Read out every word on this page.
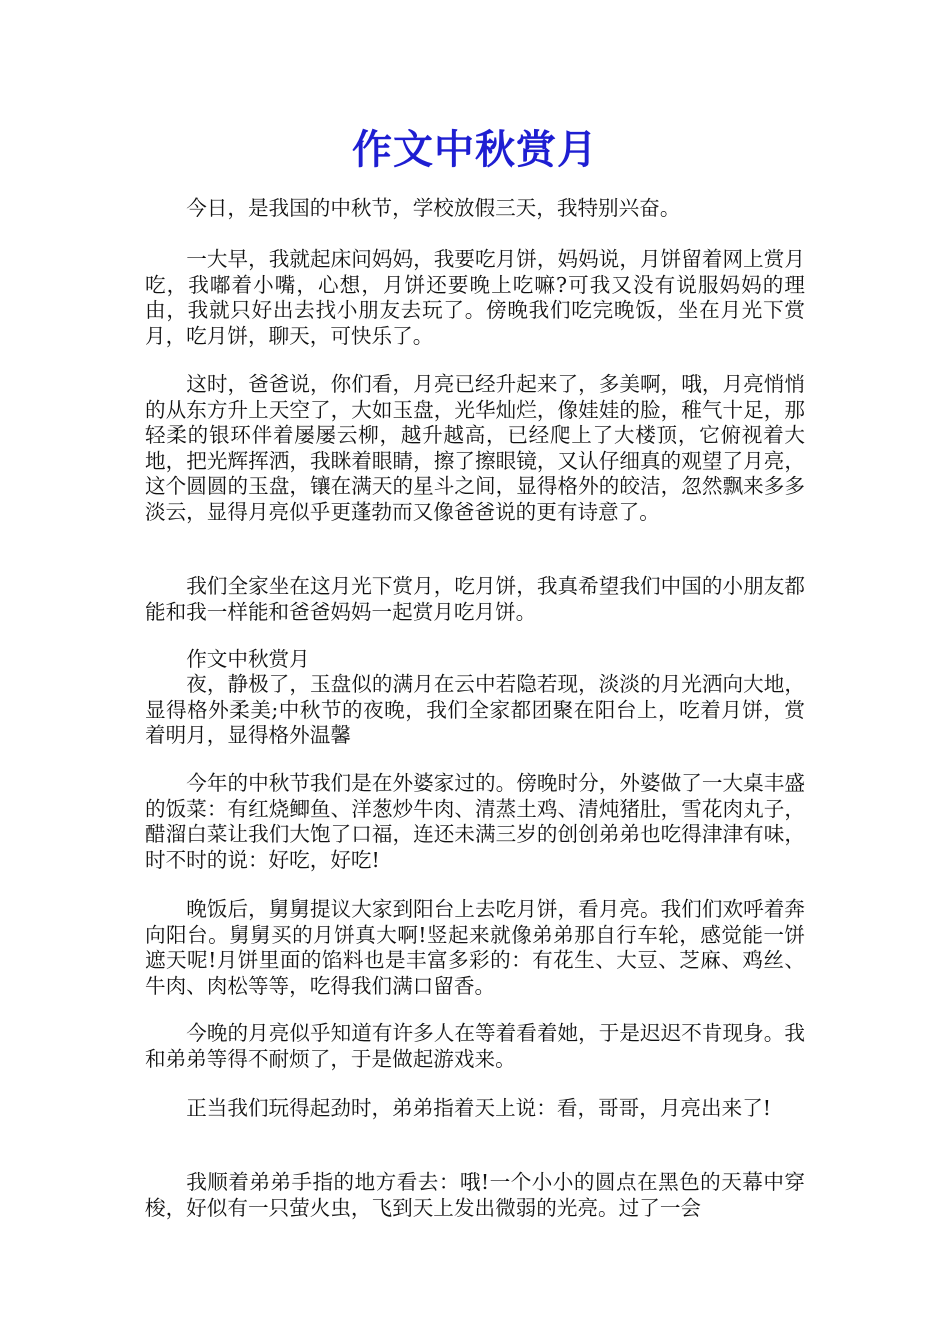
作文中秋赏月

今日，是我国的中秋节，学校放假三天，我特别兴奋。

一大早，我就起床问妈妈，我要吃月饼，妈妈说，月饼留着网上赏月吃，我嘟着小嘴，心想，月饼还要晚上吃嘛?可我又没有说服妈妈的理由，我就只好出去找小朋友去玩了。傍晚我们吃完晚饭，坐在月光下赏月，吃月饼，聊天，可快乐了。

这时，爸爸说，你们看，月亮已经升起来了，多美啊，哦，月亮悄悄的从东方升上天空了，大如玉盘，光华灿烂，像娃娃的脸，稚气十足，那轻柔的银环伴着屡屡云柳，越升越高，已经爬上了大楼顶，它俯视着大地，把光辉挥洒，我眯着眼睛，擦了擦眼镜，又认仔细真的观望了月亮，这个圆圆的玉盘，镶在满天的星斗之间，显得格外的皎洁，忽然飘来多多淡云，显得月亮似乎更蓬勃而又像爸爸说的更有诗意了。

我们全家坐在这月光下赏月，吃月饼，我真希望我们中国的小朋友都能和我一样能和爸爸妈妈一起赏月吃月饼。

作文中秋赏月

夜，静极了，玉盘似的满月在云中若隐若现，淡淡的月光洒向大地，显得格外柔美;中秋节的夜晚，我们全家都团聚在阳台上，吃着月饼，赏着明月，显得格外温馨

今年的中秋节我们是在外婆家过的。傍晚时分，外婆做了一大桌丰盛的饭菜：有红烧鲫鱼、洋葱炒牛肉、清蒸土鸡、清炖猪肚，雪花肉丸子，醋溜白菜让我们大饱了口福，连还未满三岁的创创弟弟也吃得津津有味，时不时的说：好吃，好吃!

晚饭后，舅舅提议大家到阳台上去吃月饼，看月亮。我们们欢呼着奔向阳台。舅舅买的月饼真大啊!竖起来就像弟弟那自行车轮，感觉能一饼遮天呢!月饼里面的馅料也是丰富多彩的：有花生、大豆、芝麻、鸡丝、牛肉、肉松等等，吃得我们满口留香。

今晚的月亮似乎知道有许多人在等着看着她，于是迟迟不肯现身。我和弟弟等得不耐烦了，于是做起游戏来。

正当我们玩得起劲时，弟弟指着天上说：看，哥哥，月亮出来了!

我顺着弟弟手指的地方看去：哦!一个小小的圆点在黑色的天幕中穿梭，好似有一只萤火虫，飞到天上发出微弱的光亮。过了一会
